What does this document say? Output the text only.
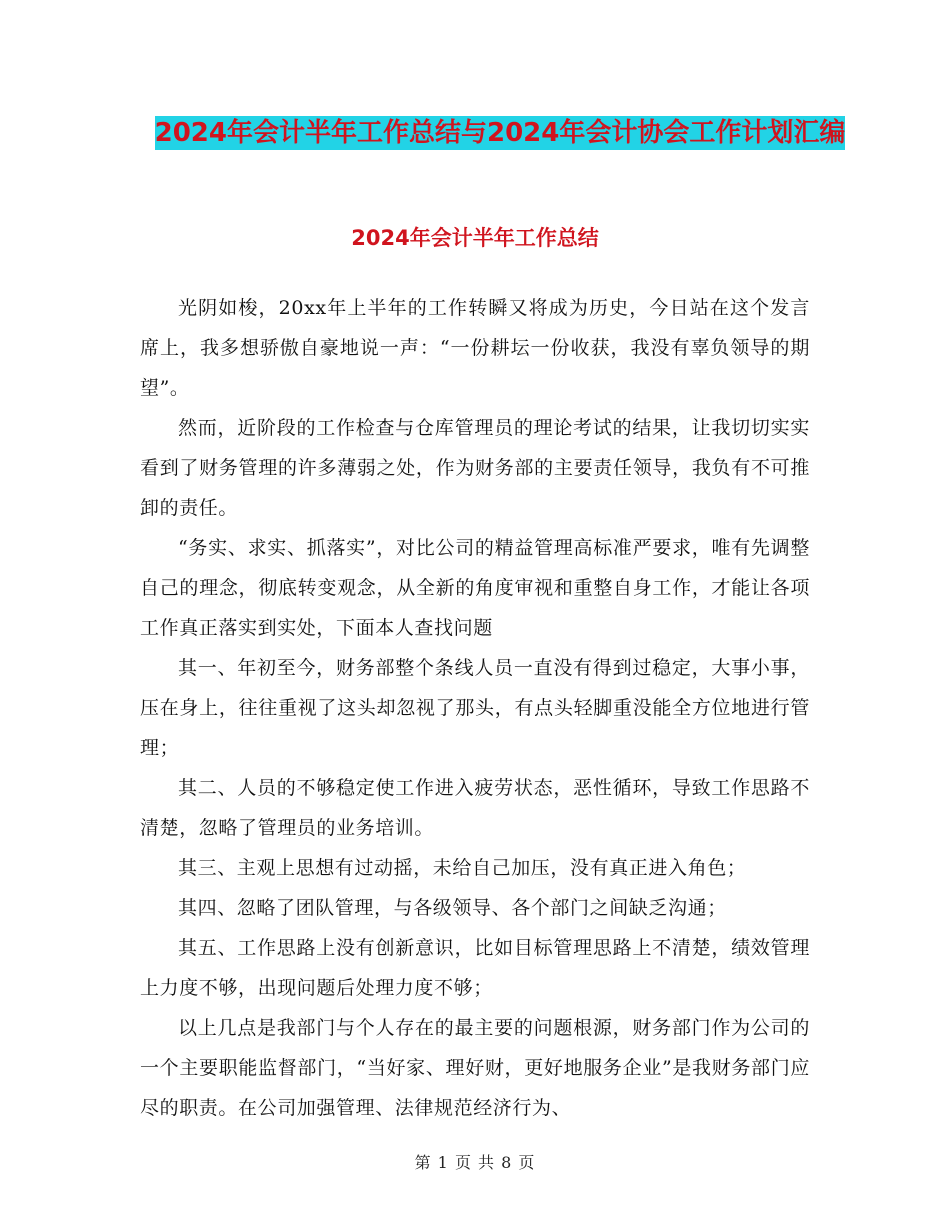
2024年会计半年工作总结与2024年会计协会工作计划汇编
2024年会计半年工作总结

光阴如梭，20xx年上半年的工作转瞬又将成为历史，今日站在这个发言席上，我多想骄傲自豪地说一声：“一份耕坛一份收获，我没有辜负领导的期望”。

然而，近阶段的工作检查与仓库管理员的理论考试的结果，让我切切实实看到了财务管理的许多薄弱之处，作为财务部的主要责任领导，我负有不可推卸的责任。

“务实、求实、抓落实”，对比公司的精益管理高标准严要求，唯有先调整自己的理念，彻底转变观念，从全新的角度审视和重整自身工作，才能让各项工作真正落实到实处，下面本人查找问题

其一、年初至今，财务部整个条线人员一直没有得到过稳定，大事小事，压在身上，往往重视了这头却忽视了那头，有点头轻脚重没能全方位地进行管理；

其二、人员的不够稳定使工作进入疲劳状态，恶性循环，导致工作思路不清楚，忽略了管理员的业务培训。

其三、主观上思想有过动摇，未给自己加压，没有真正进入角色；

其四、忽略了团队管理，与各级领导、各个部门之间缺乏沟通；

其五、工作思路上没有创新意识，比如目标管理思路上不清楚，绩效管理上力度不够，出现问题后处理力度不够；

以上几点是我部门与个人存在的最主要的问题根源，财务部门作为公司的一个主要职能监督部门，“当好家、理好财，更好地服务企业”是我财务部门应尽的职责。在公司加强管理、法律规范经济行为、

第 1 页 共 8 页
